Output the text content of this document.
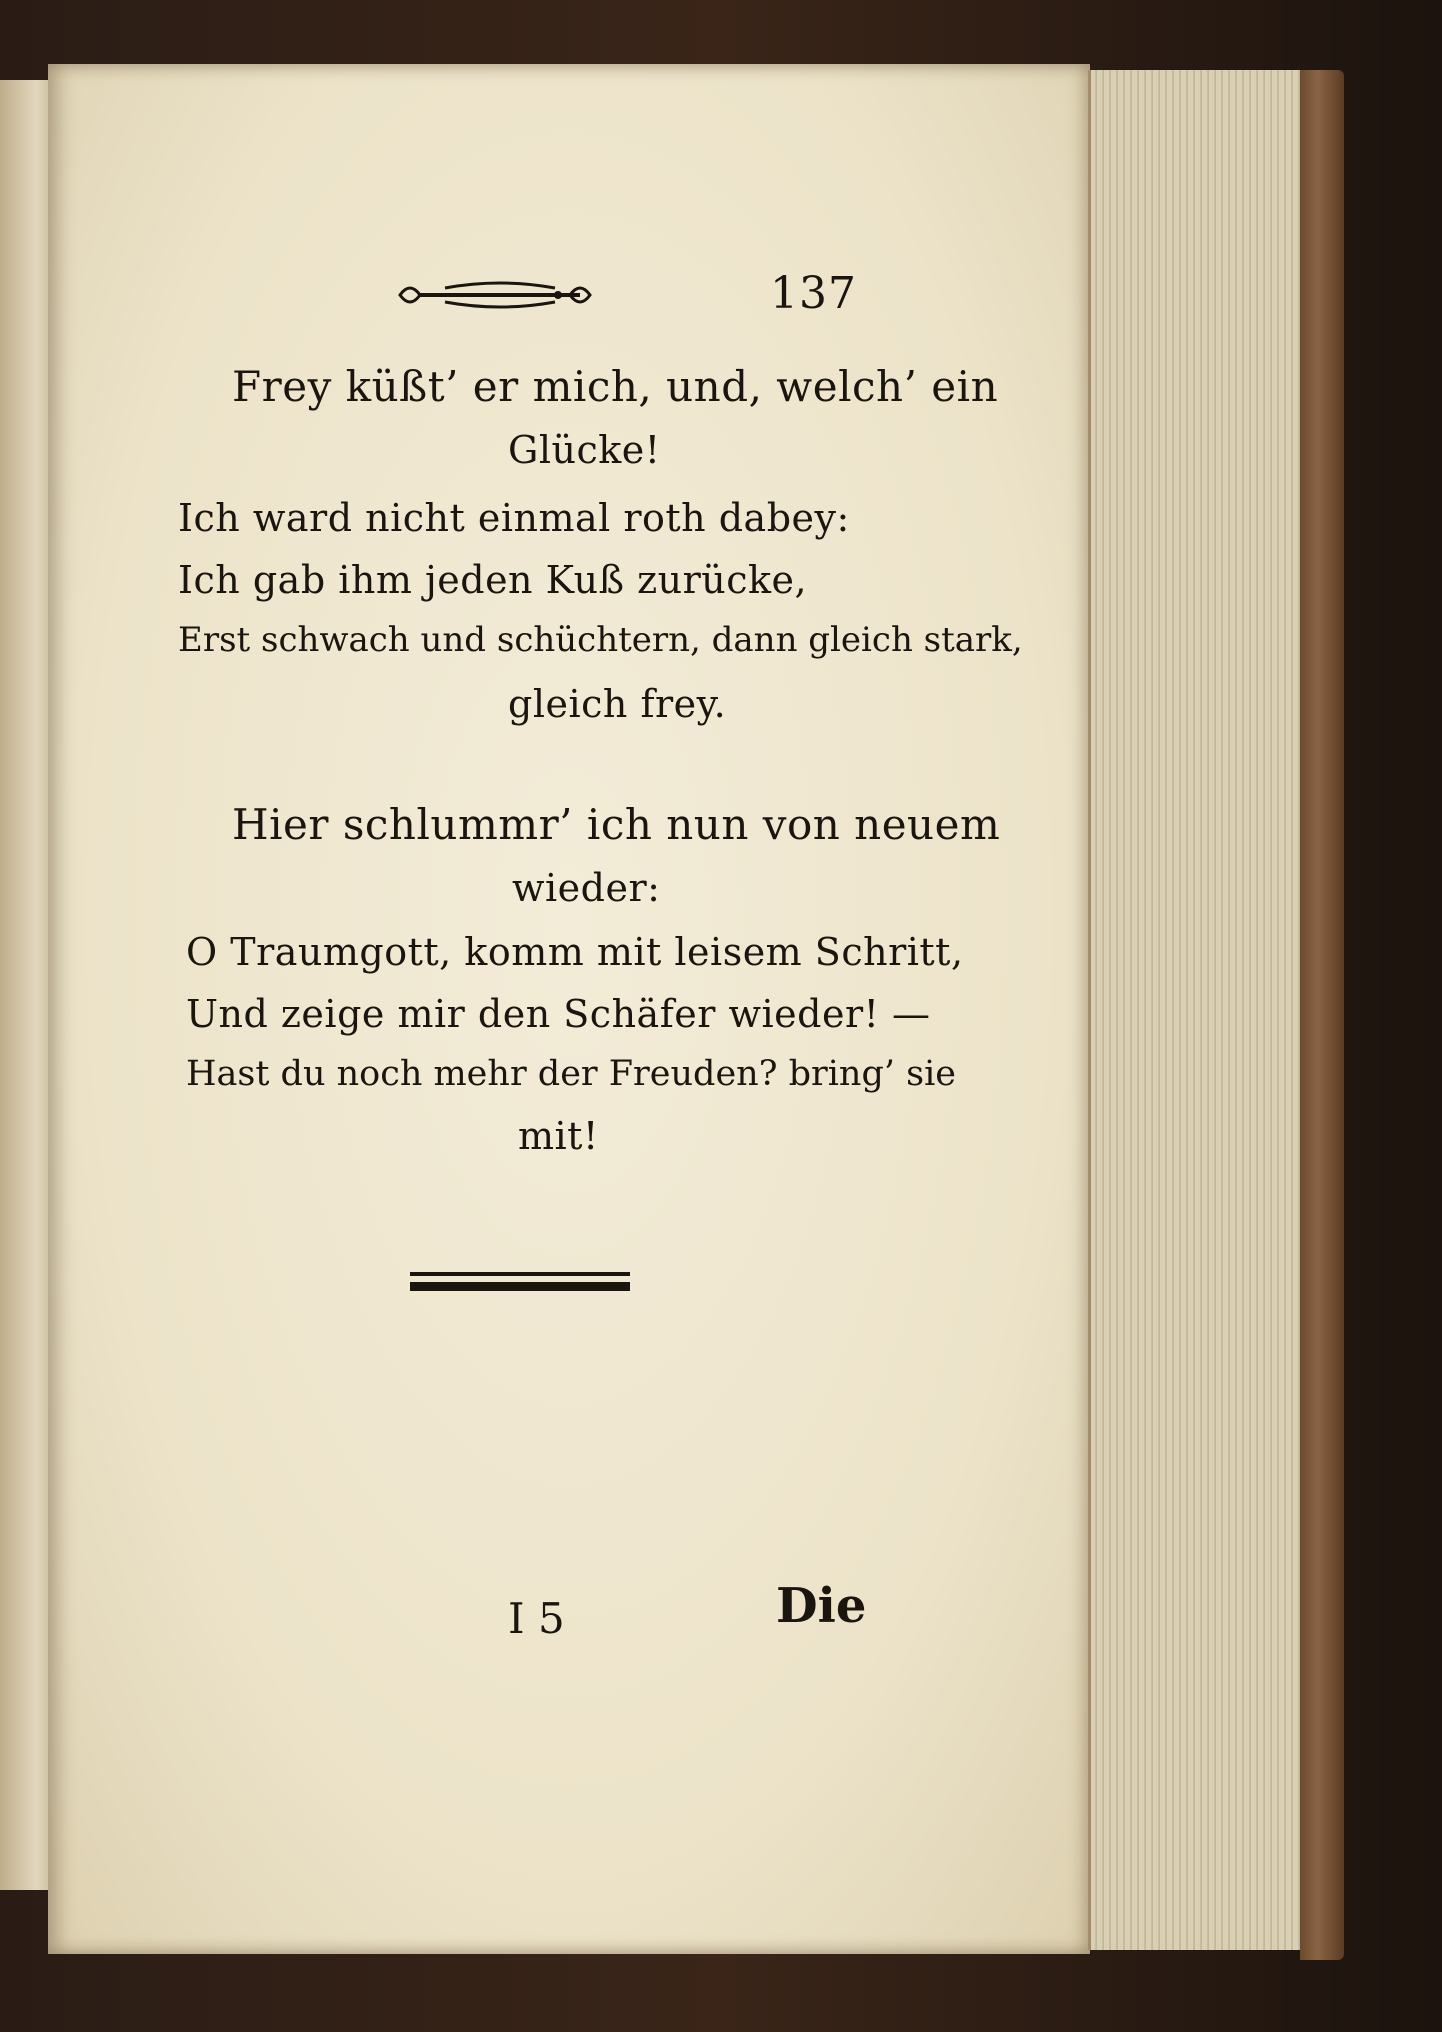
137
Frey küßt’ er mich, und, welch’ ein
Glücke!
Ich ward nicht einmal roth dabey:
Ich gab ihm jeden Kuß zurücke,
Erst schwach und schüchtern, dann gleich stark,
gleich frey.
Hier schlummr’ ich nun von neuem
wieder:
O Traumgott, komm mit leisem Schritt,
Und zeige mir den Schäfer wieder! —
Hast du noch mehr der Freuden? bring’ sie
mit!
I 5	Die
